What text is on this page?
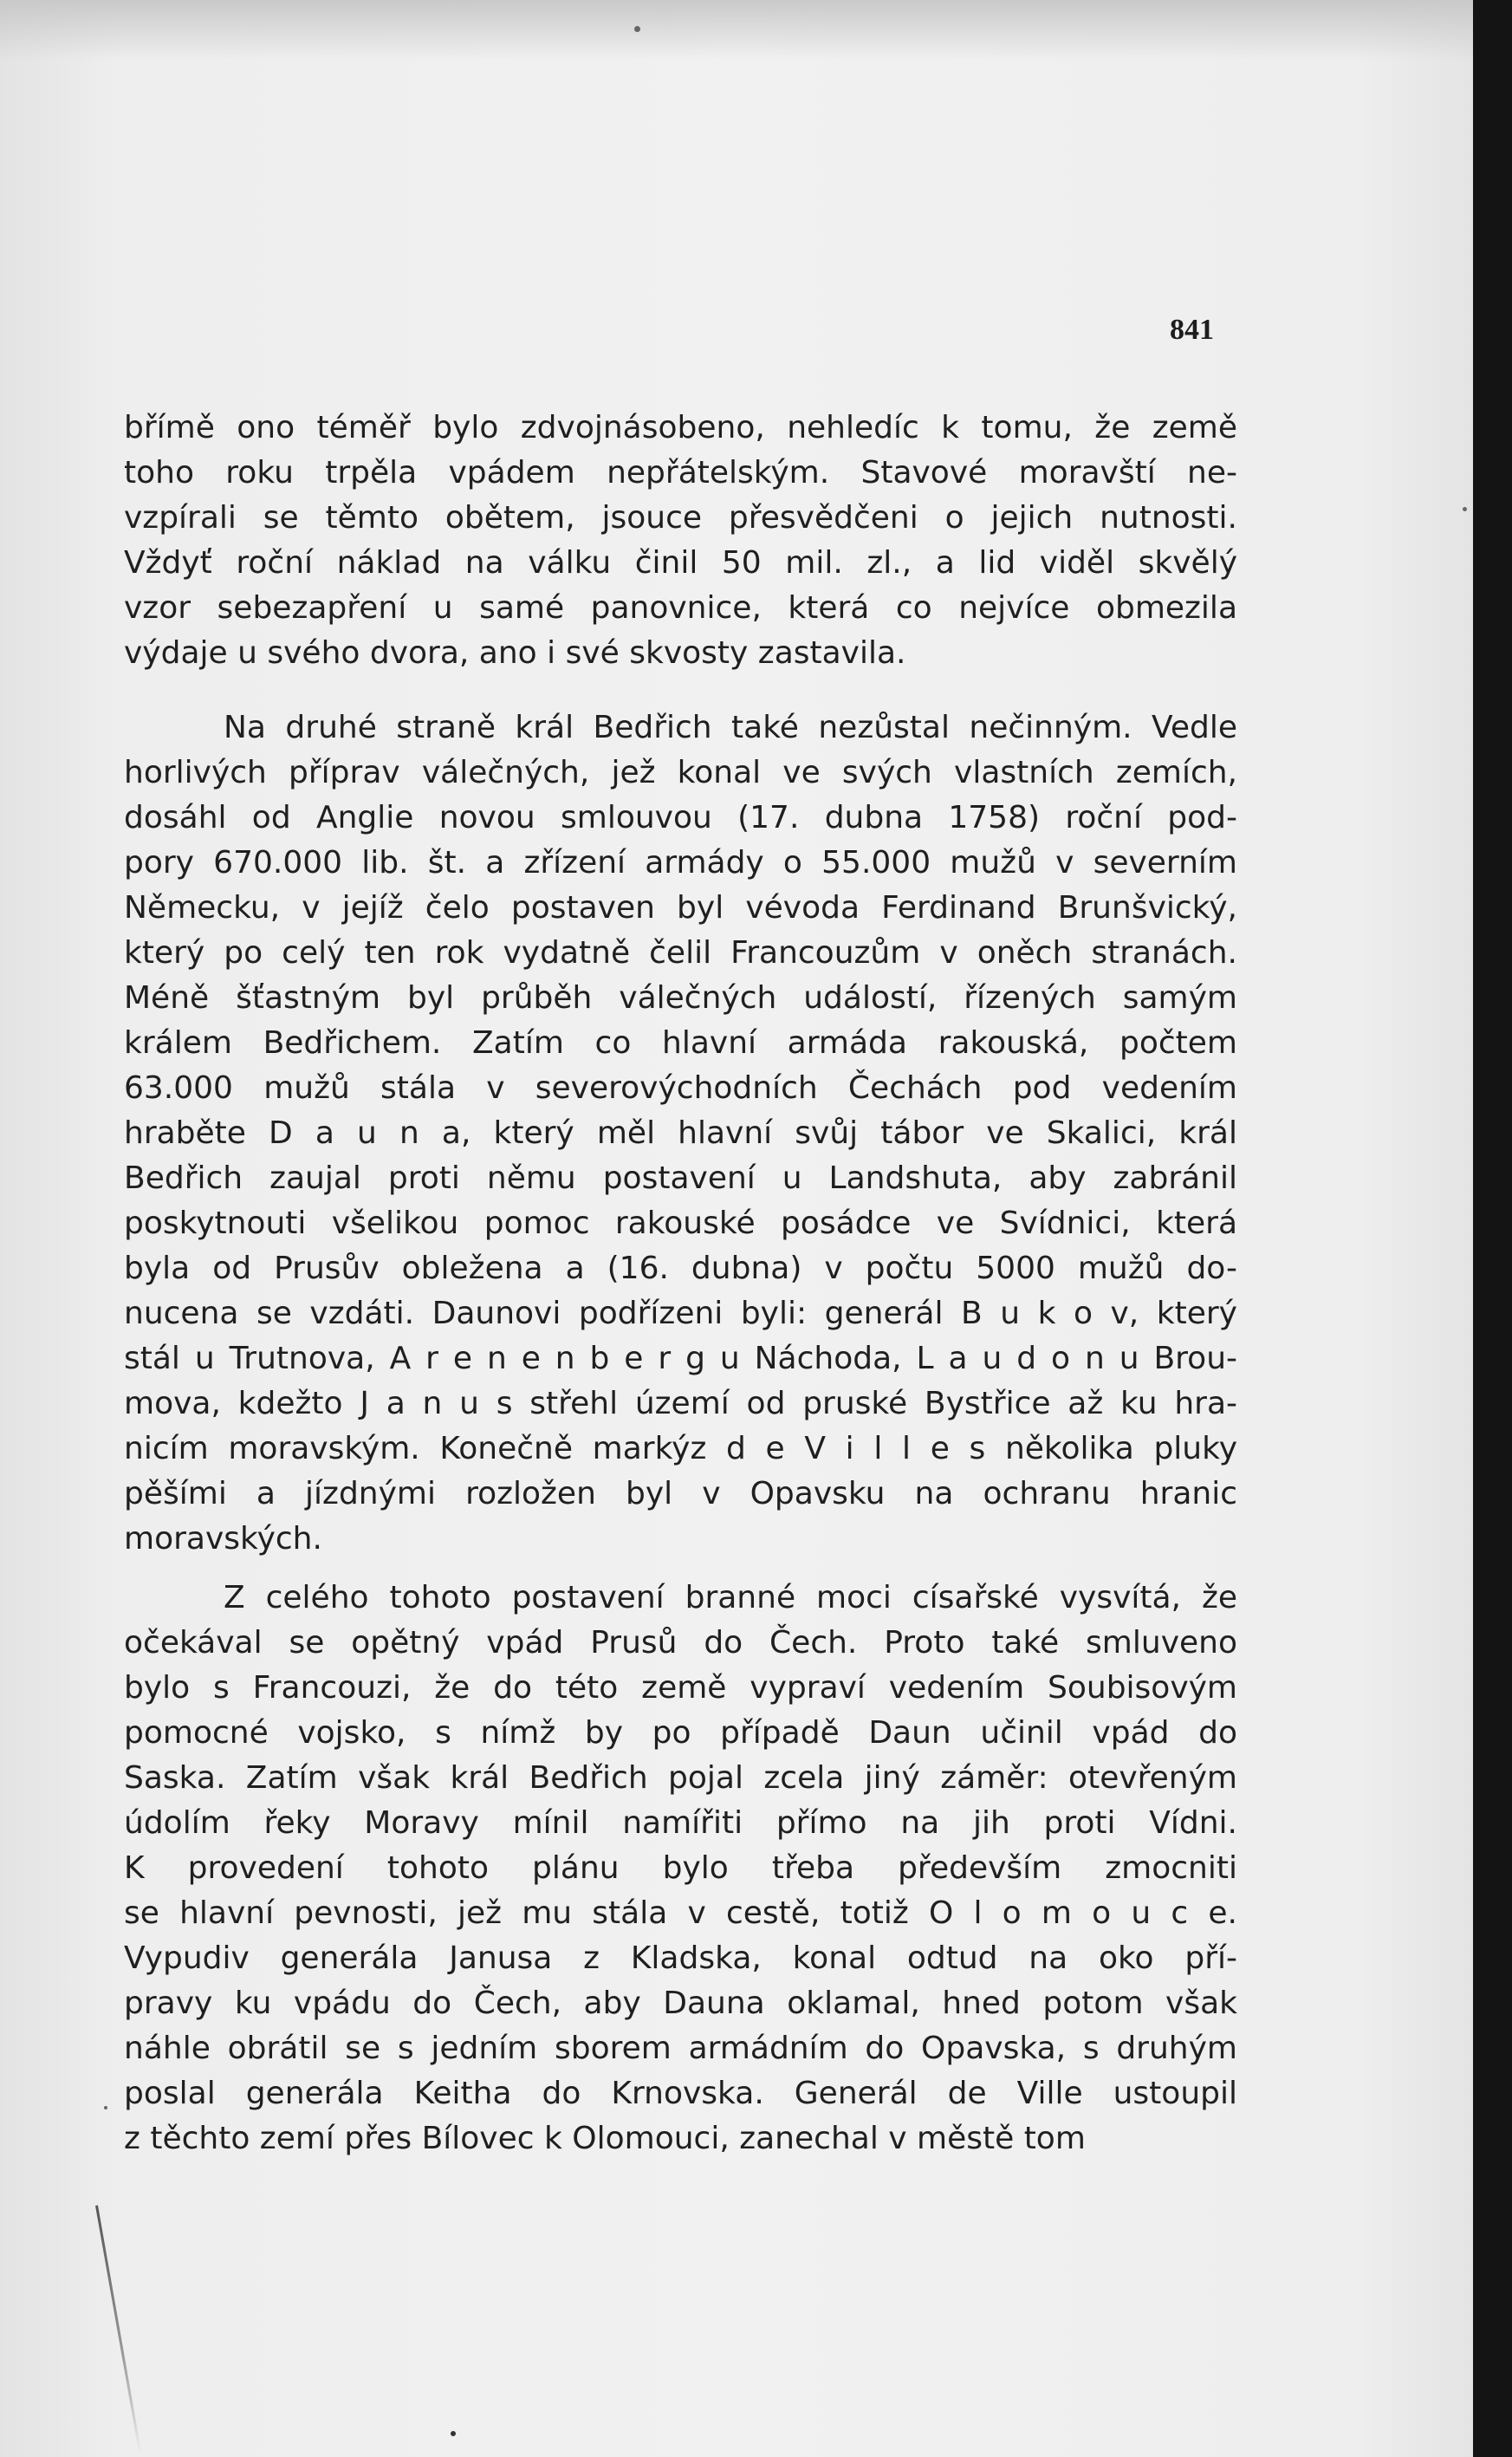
841
břímě ono téměř bylo zdvojnásobeno, nehledíc k tomu, že země
toho roku trpěla vpádem nepřátelským. Stavové moravští ne-
vzpírali se těmto obětem, jsouce přesvědčeni o jejich nutnosti.
Vždyť roční náklad na válku činil 50 mil. zl., a lid viděl skvělý
vzor sebezapření u samé panovnice, která co nejvíce obmezila
výdaje u svého dvora, ano i své skvosty zastavila.
Na druhé straně král Bedřich také nezůstal nečinným. Vedle
horlivých příprav válečných, jež konal ve svých vlastních zemích,
dosáhl od Anglie novou smlouvou (17. dubna 1758) roční pod-
pory 670.000 lib. št. a zřízení armády o 55.000 mužů v severním
Německu, v jejíž čelo postaven byl vévoda Ferdinand Brunšvický,
který po celý ten rok vydatně čelil Francouzům v oněch stranách.
Méně šťastným byl průběh válečných událostí, řízených samým
králem Bedřichem. Zatím co hlavní armáda rakouská, počtem
63.000 mužů stála v severovýchodních Čechách pod vedením
hraběte D a u n a, který měl hlavní svůj tábor ve Skalici, král
Bedřich zaujal proti němu postavení u Landshuta, aby zabránil
poskytnouti všelikou pomoc rakouské posádce ve Svídnici, která
byla od Prusův obležena a (16. dubna) v počtu 5000 mužů do-
nucena se vzdáti. Daunovi podřízeni byli: generál B u k o v, který
stál u Trutnova, A r e n e n b e r g u Náchoda, L a u d o n u Brou-
mova, kdežto J a n u s střehl území od pruské Bystřice až ku hra-
nicím moravským. Konečně markýz d e V i l l e s několika pluky
pěšími a jízdnými rozložen byl v Opavsku na ochranu hranic
moravských.
Z celého tohoto postavení branné moci císařské vysvítá, že
očekával se opětný vpád Prusů do Čech. Proto také smluveno
bylo s Francouzi, že do této země vypraví vedením Soubisovým
pomocné vojsko, s nímž by po případě Daun učinil vpád do
Saska. Zatím však král Bedřich pojal zcela jiný záměr: otevřeným
údolím řeky Moravy mínil namířiti přímo na jih proti Vídni.
K provedení tohoto plánu bylo třeba především zmocniti
se hlavní pevnosti, jež mu stála v cestě, totiž O l o m o u c e.
Vypudiv generála Janusa z Kladska, konal odtud na oko pří-
pravy ku vpádu do Čech, aby Dauna oklamal, hned potom však
náhle obrátil se s jedním sborem armádním do Opavska, s druhým
poslal generála Keitha do Krnovska. Generál de Ville ustoupil
z těchto zemí přes Bílovec k Olomouci, zanechal v městě tom
